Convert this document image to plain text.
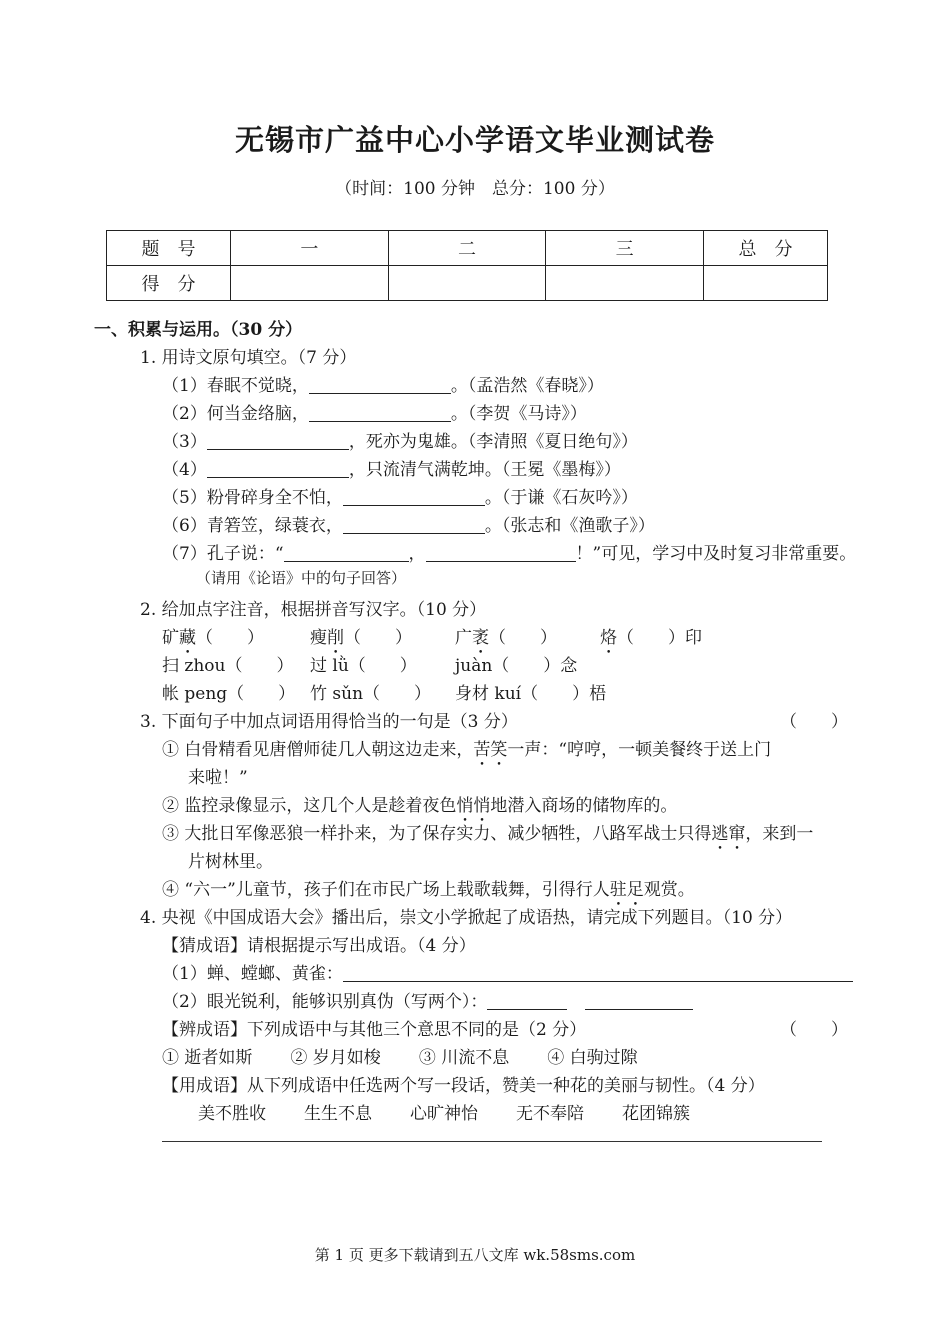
无锡市广益中心小学语文毕业测试卷
（时间：100 分钟　总分：100 分）
题　号	一	二	三	总　分
得　分				
一、积累与运用。（30 分）
1. 用诗文原句填空。（7 分）
（1）春眠不觉晓，	。（孟浩然《春晓》）
（2）何当金络脑，	。（李贺《马诗》）
（3）	，死亦为鬼雄。（李清照《夏日绝句》）
（4）	，只流清气满乾坤。（王冕《墨梅》）
（5）粉骨碎身全不怕，	。（于谦《石灰吟》）
（6）青箬笠，绿蓑衣，	。（张志和《渔歌子》）
（7）孔子说：“	，	！”可见，学习中及时复习非常重要。
（请用《论语》中的句子回答）
2. 给加点字注音，根据拼音写汉字。（10 分）
矿藏（　　）	瘦削（　　）	广袤（　　）	烙（　　）印
扫 zhou（　　） 过 lǜ（　　） juàn（　　）念
帐 peng（　　） 竹 sǔn（　　） 身材 kuí（　　）梧
3. 下面句子中加点词语用得恰当的一句是（3 分）	（　　）
① 白骨精看见唐僧师徒几人朝这边走来，苦笑一声：“哼哼，一顿美餐终于送上门
来啦！”
② 监控录像显示，这几个人是趁着夜色悄悄地潜入商场的储物库的。
③ 大批日军像恶狼一样扑来，为了保存实力、减少牺牲，八路军战士只得逃窜，来到一
片树林里。
④ “六一”儿童节，孩子们在市民广场上载歌载舞，引得行人驻足观赏。
4. 央视《中国成语大会》播出后，崇文小学掀起了成语热，请完成下列题目。（10 分）
【猜成语】请根据提示写出成语。（4 分）
（1）蝉、螳螂、黄雀：
（2）眼光锐利，能够识别真伪（写两个）：
【辨成语】下列成语中与其他三个意思不同的是（2 分）	（　　）
① 逝者如斯 ② 岁月如梭 ③ 川流不息 ④ 白驹过隙
【用成语】从下列成语中任选两个写一段话，赞美一种花的美丽与韧性。（4 分）
美不胜收 生生不息 心旷神怡 无不奉陪 花团锦簇
第 1 页 更多下载请到五八文库 wk.58sms.com
